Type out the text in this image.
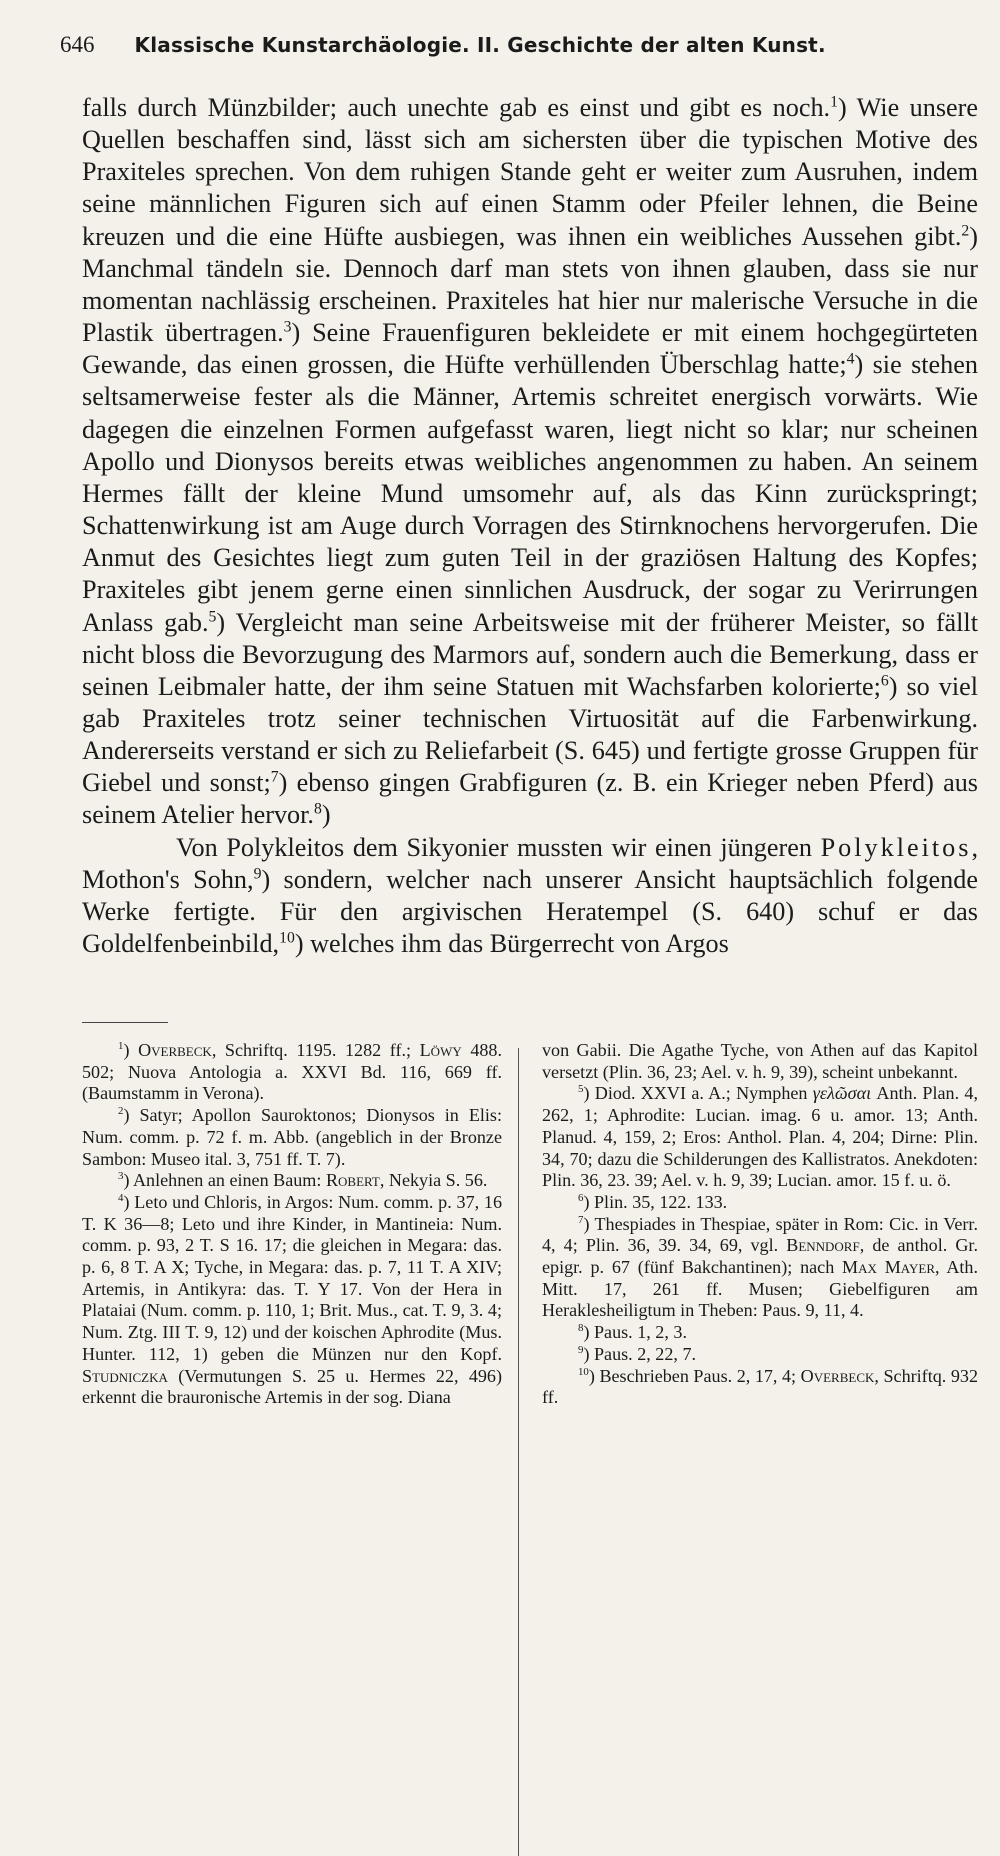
646 Klassische Kunstarchäologie. II. Geschichte der alten Kunst.

falls durch Münzbilder; auch unechte gab es einst und gibt es noch.$^1$) Wie unsere Quellen beschaffen sind, lässt sich am sichersten über die typischen Motive des Praxiteles sprechen. Von dem ruhigen Stande geht er weiter zum Ausruhen, indem seine männlichen Figuren sich auf einen Stamm oder Pfeiler lehnen, die Beine kreuzen und die eine Hüfte ausbiegen, was ihnen ein weibliches Aussehen gibt.$^2$) Manchmal tändeln sie. Dennoch darf man stets von ihnen glauben, dass sie nur momentan nachlässig erscheinen. Praxiteles hat hier nur malerische Versuche in die Plastik übertragen.$^3$) Seine Frauenfiguren bekleidete er mit einem hochgegürteten Gewande, das einen grossen, die Hüfte verhüllenden Überschlag hatte;$^4$) sie stehen seltsamerweise fester als die Männer, Artemis schreitet energisch vorwärts. Wie dagegen die einzelnen Formen aufgefasst waren, liegt nicht so klar; nur scheinen Apollo und Dionysos bereits etwas weibliches angenommen zu haben. An seinem Hermes fällt der kleine Mund umsomehr auf, als das Kinn zurückspringt; Schattenwirkung ist am Auge durch Vorragen des Stirnknochens hervorgerufen. Die Anmut des Gesichtes liegt zum guten Teil in der graziösen Haltung des Kopfes; Praxiteles gibt jenem gerne einen sinnlichen Ausdruck, der sogar zu Verirrungen Anlass gab.$^5$) Vergleicht man seine Arbeitsweise mit der früherer Meister, so fällt nicht bloss die Bevorzugung des Marmors auf, sondern auch die Bemerkung, dass er seinen Leibmaler hatte, der ihm seine Statuen mit Wachsfarben kolorierte;$^6$) so viel gab Praxiteles trotz seiner technischen Virtuosität auf die Farbenwirkung. Andererseits verstand er sich zu Reliefarbeit (S. 645) und fertigte grosse Gruppen für Giebel und sonst;$^7$) ebenso gingen Grabfiguren (z. B. ein Krieger neben Pferd) aus seinem Atelier hervor.$^8$)

Von Polykleitos dem Sikyonier mussten wir einen jüngeren Polykleitos, Mothon's Sohn,$^9$) sondern, welcher nach unserer Ansicht hauptsächlich folgende Werke fertigte. Für den argivischen Heratempel (S. 640) schuf er das Goldelfenbeinbild,$^{10}$) welches ihm das Bürgerrecht von Argos

$^1$) Overbeck, Schriftq. 1195. 1282 ff.; Löwy 488. 502; Nuova Antologia a. XXVI Bd. 116, 669 ff. (Baumstamm in Verona).

$^2$) Satyr; Apollon Sauroktonos; Dionysos in Elis: Num. comm. p. 72 f. m. Abb. (angeblich in der Bronze Sambon: Museo ital. 3, 751 ff. T. 7).

$^3$) Anlehnen an einen Baum: Robert, Nekyia S. 56.

$^4$) Leto und Chloris, in Argos: Num. comm. p. 37, 16 T. K 36—8; Leto und ihre Kinder, in Mantineia: Num. comm. p. 93, 2 T. S 16. 17; die gleichen in Megara: das. p. 6, 8 T. A X; Tyche, in Megara: das. p. 7, 11 T. A XIV; Artemis, in Antikyra: das. T. Y 17. Von der Hera in Plataiai (Num. comm. p. 110, 1; Brit. Mus., cat. T. 9, 3. 4; Num. Ztg. III T. 9, 12) und der koischen Aphrodite (Mus. Hunter. 112, 1) geben die Münzen nur den Kopf. Studniczka (Vermutungen S. 25 u. Hermes 22, 496) erkennt die brauronische Artemis in der sog. Diana

von Gabii. Die Agathe Tyche, von Athen auf das Kapitol versetzt (Plin. 36, 23; Ael. v. h. 9, 39), scheint unbekannt.

$^5$) Diod. XXVI a. A.; Nymphen γελῶσαι Anth. Plan. 4, 262, 1; Aphrodite: Lucian. imag. 6 u. amor. 13; Anth. Planud. 4, 159, 2; Eros: Anthol. Plan. 4, 204; Dirne: Plin. 34, 70; dazu die Schilderungen des Kallistratos. Anekdoten: Plin. 36, 23. 39; Ael. v. h. 9, 39; Lucian. amor. 15 f. u. ö.

$^6$) Plin. 35, 122. 133.

$^7$) Thespiades in Thespiae, später in Rom: Cic. in Verr. 4, 4; Plin. 36, 39. 34, 69, vgl. Benndorf, de anthol. Gr. epigr. p. 67 (fünf Bakchantinen); nach Max Mayer, Ath. Mitt. 17, 261 ff. Musen; Giebelfiguren am Heraklesheiligtum in Theben: Paus. 9, 11, 4.

$^8$) Paus. 1, 2, 3.

$^9$) Paus. 2, 22, 7.

$^{10}$) Beschrieben Paus. 2, 17, 4; Overbeck, Schriftq. 932 ff.
